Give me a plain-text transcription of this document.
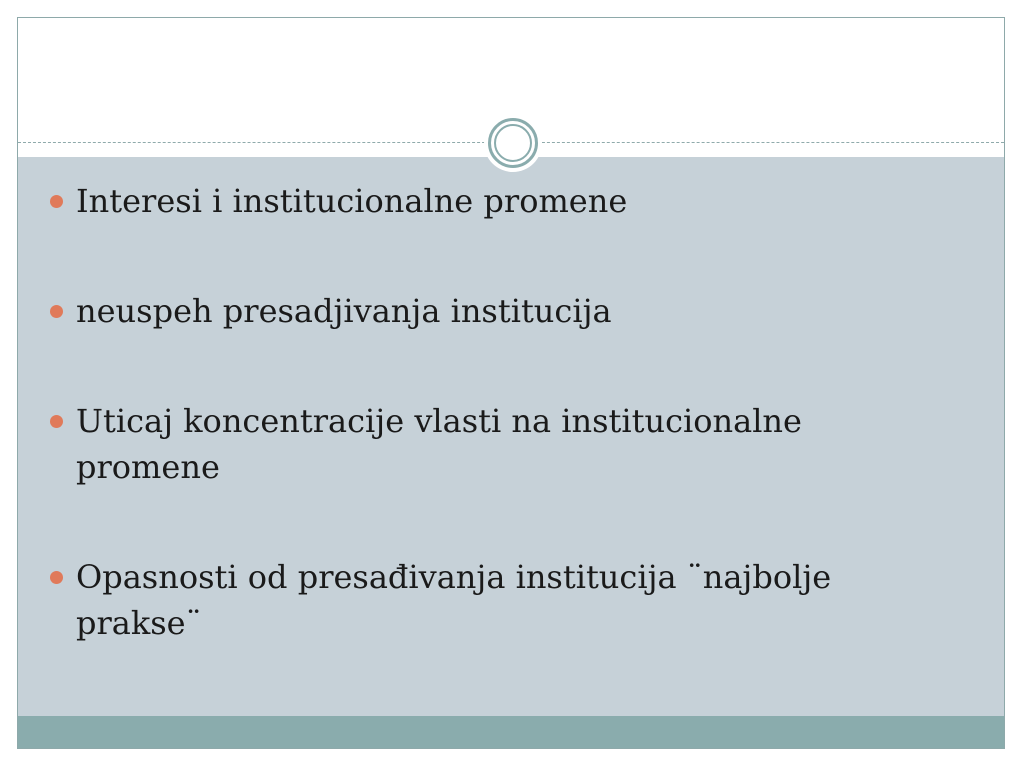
Interesi i institucionalne promene
neuspeh presadjivanja institucija
Uticaj koncentracije vlasti na institucionalne promene
Opasnosti od presađivanja institucija ¨najbolje prakse¨
